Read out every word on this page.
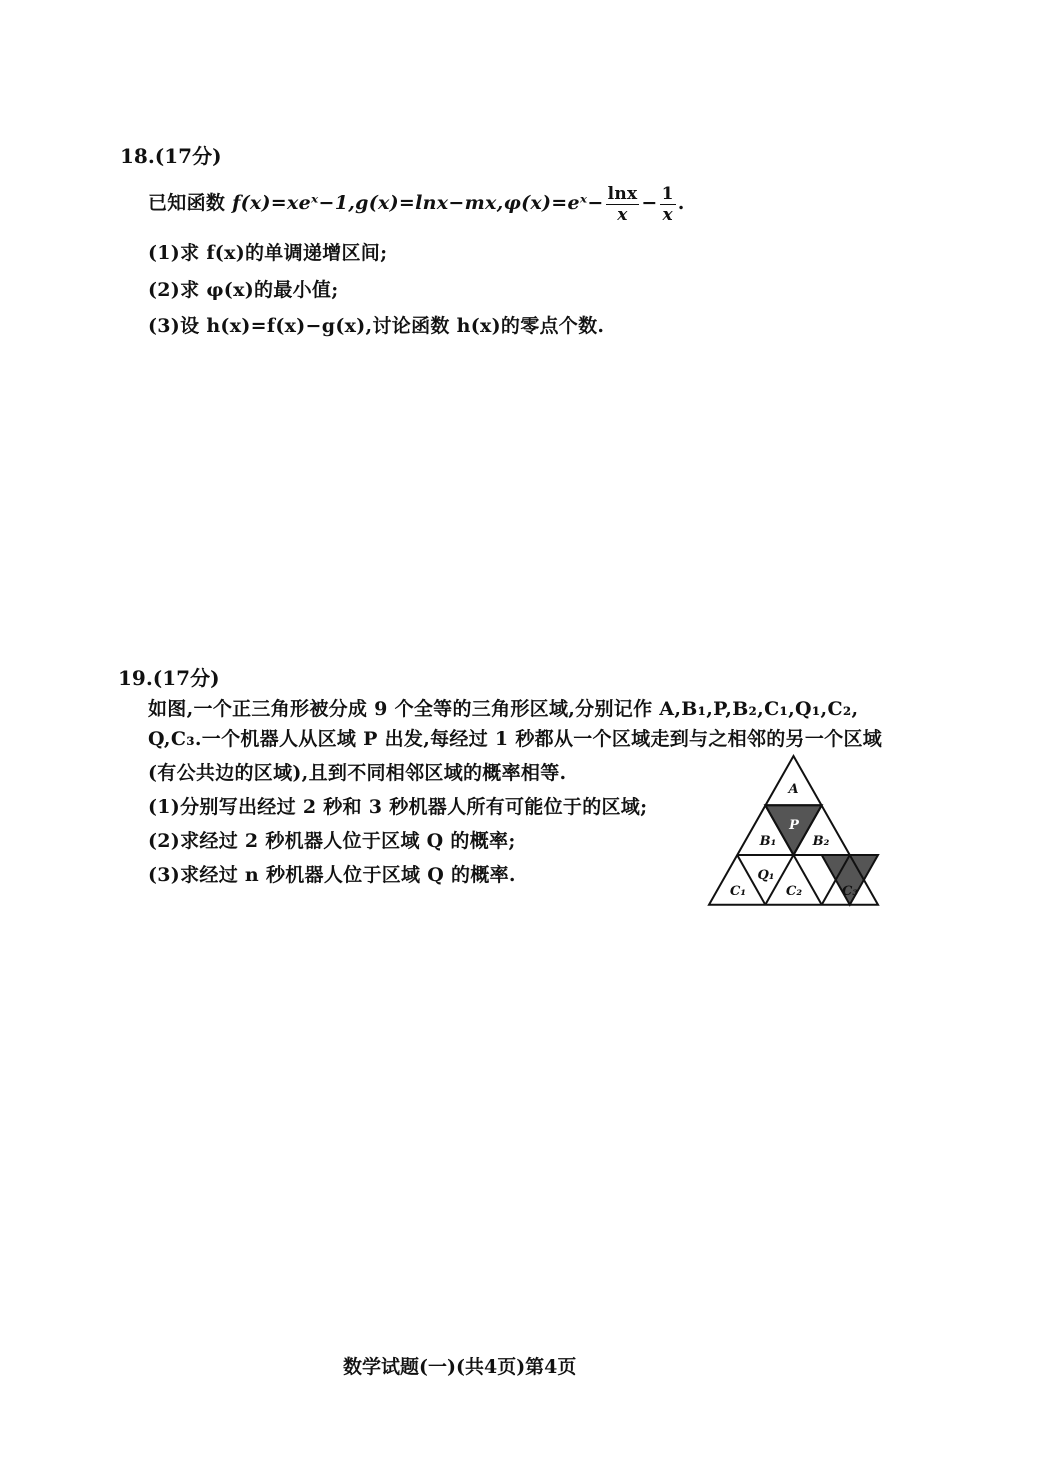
18.(17分)
已知函数 f(x)=xeˣ−1,g(x)=lnx−mx,φ(x)=eˣ− $\frac{\ln x}{x} - \frac{1}{x}$ .
(1)求 f(x)的单调递增区间;
(2)求 φ(x)的最小值;
(3)设 h(x)=f(x)−g(x),讨论函数 h(x)的零点个数.
19.(17分)
如图,一个正三角形被分成 9 个全等的三角形区域,分别记作 A,B₁,P,B₂,C₁,Q₁,C₂,
Q,C₃.一个机器人从区域 P 出发,每经过 1 秒都从一个区域走到与之相邻的另一个区域
(有公共边的区域),且到不同相邻区域的概率相等.
(1)分别写出经过 2 秒和 3 秒机器人所有可能位于的区域;
(2)求经过 2 秒机器人位于区域 Q 的概率;
(3)求经过 n 秒机器人位于区域 Q 的概率.
A
B₁
P
B₂
C₁
Q₁
C₂
Q
C₃
数学试题(一)(共4页)第4页
